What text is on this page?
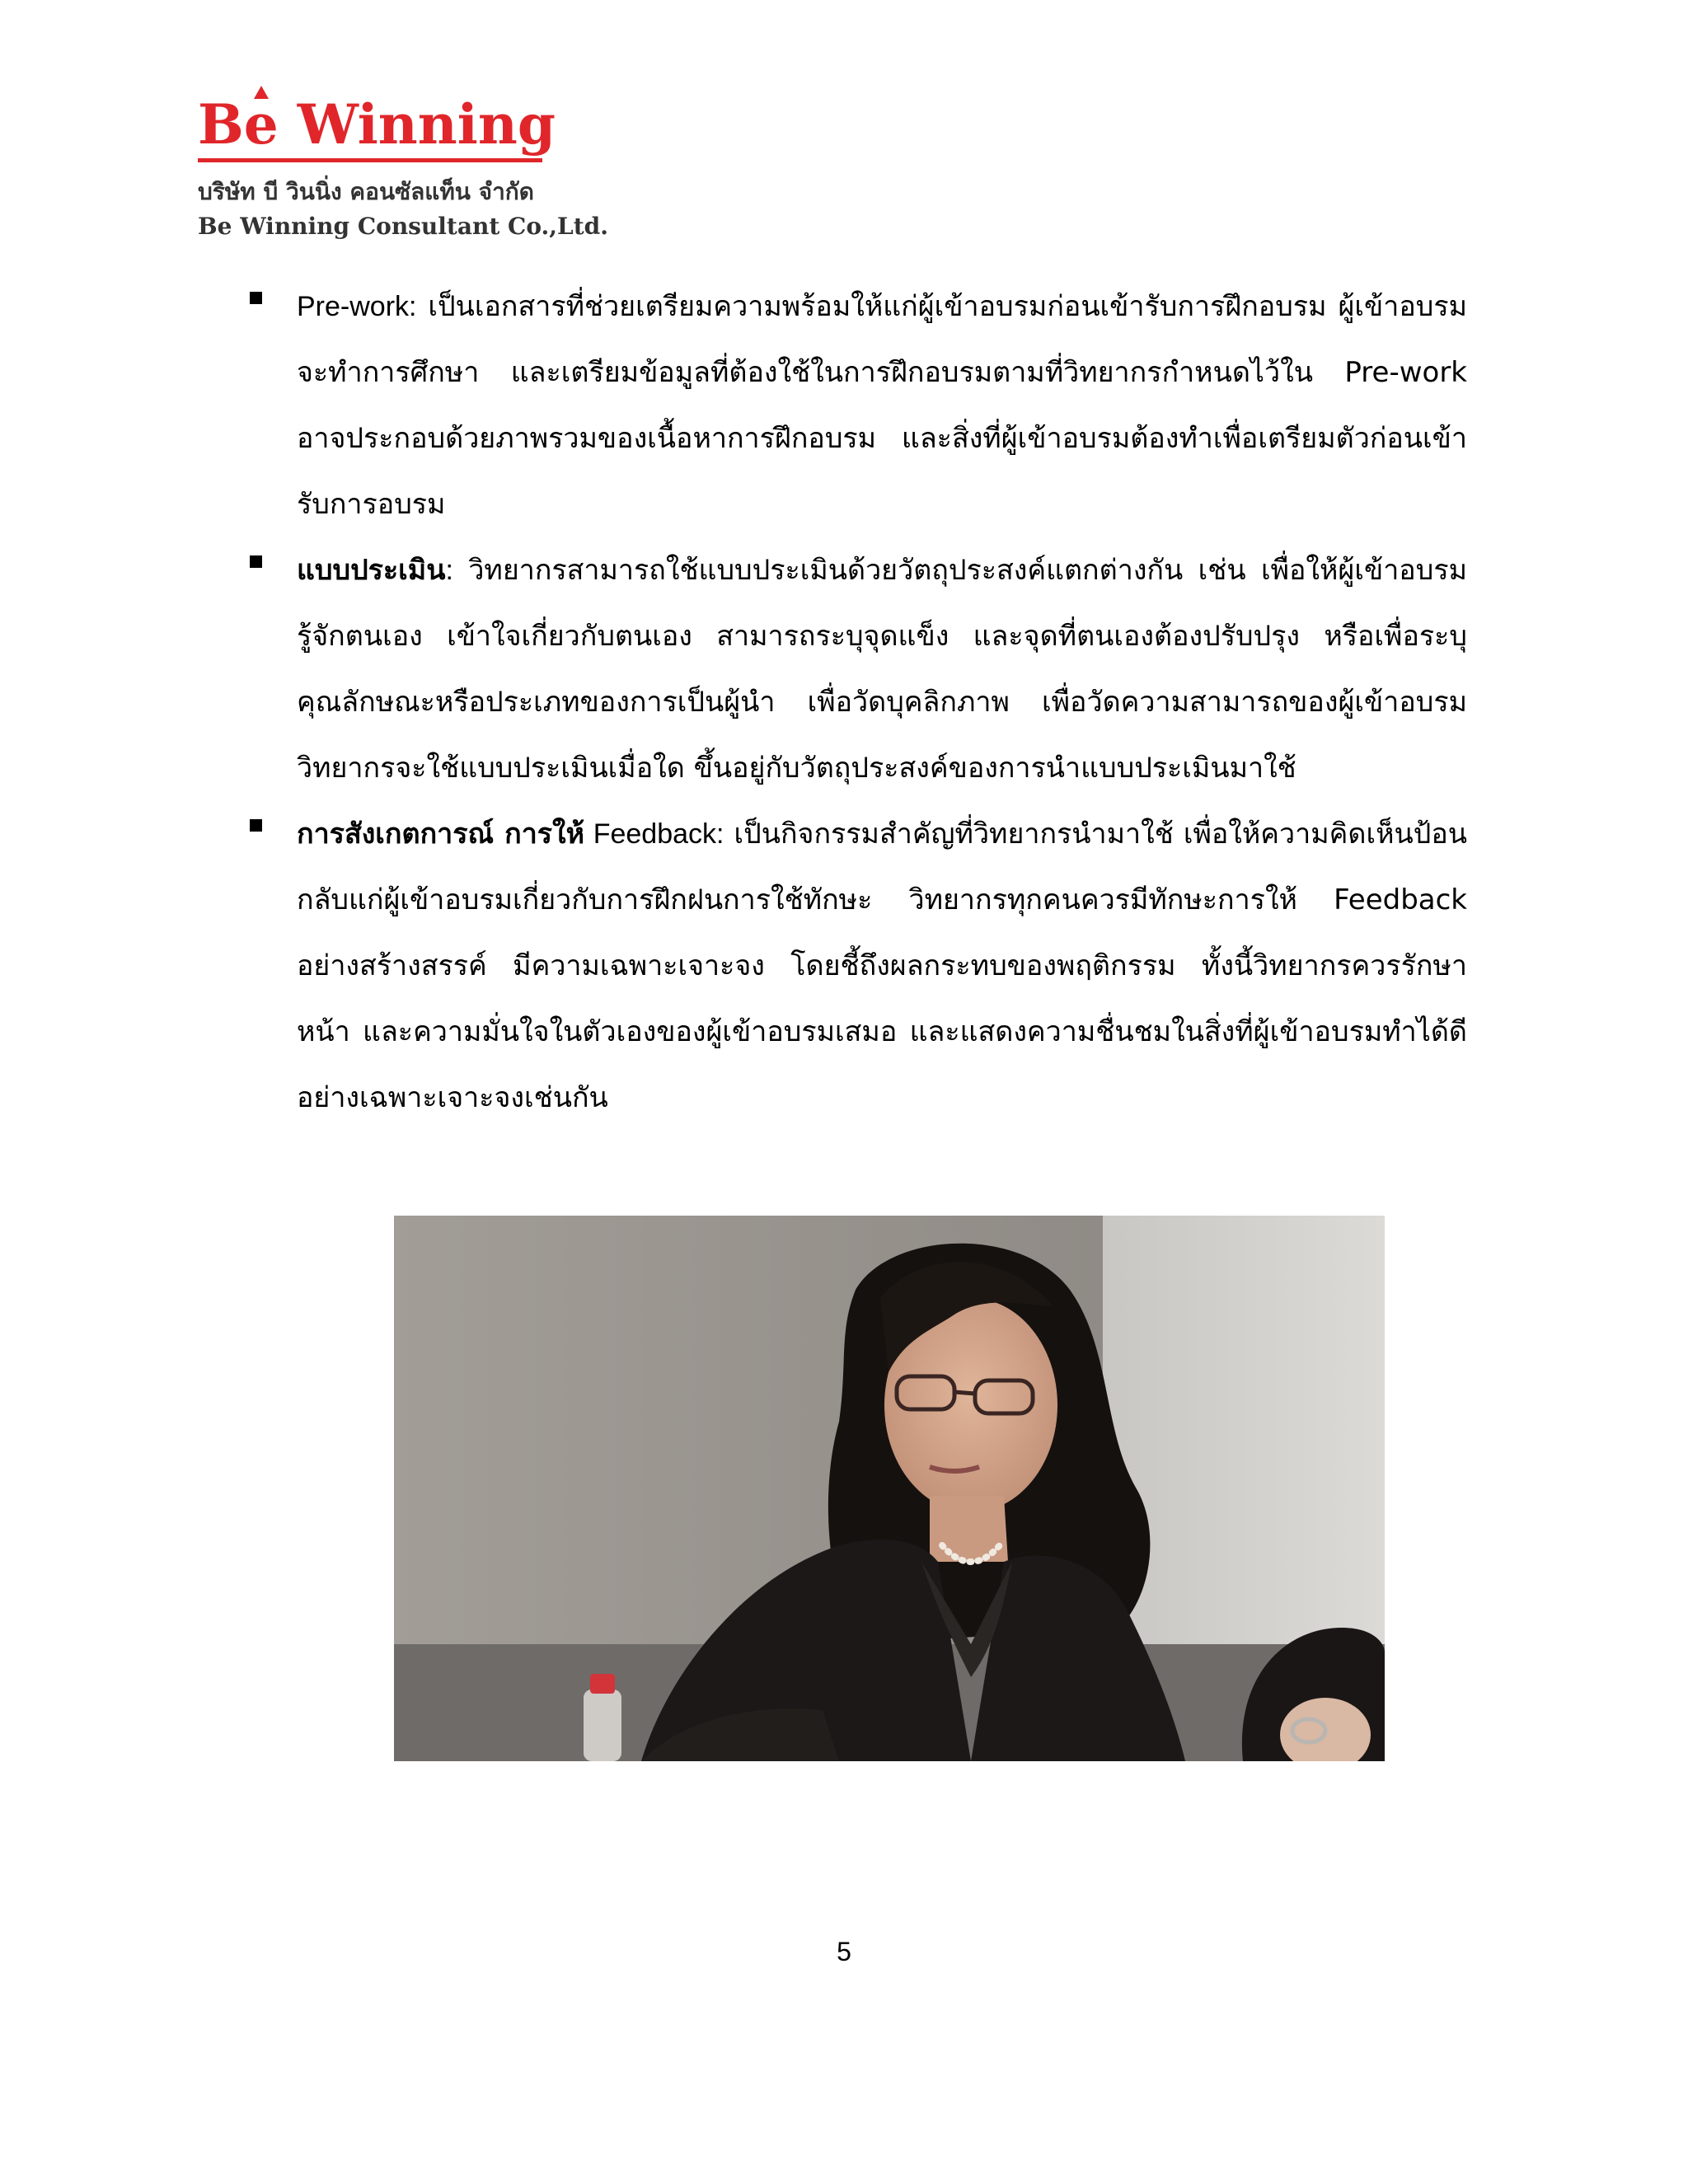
B
e Winning
บริษัท บี วินนิ่ง คอนซัลแท็น จำกัด
Be Winning Consultant Co.,Ltd.

Pre-work: เป็นเอกสารที่ช่วยเตรียมความพร้อมให้แก่ผู้เข้าอบรมก่อนเข้ารับการฝึกอบรม ผู้เข้าอบรมจะทำการศึกษา และเตรียมข้อมูลที่ต้องใช้ในการฝึกอบรมตามที่วิทยากรกำหนดไว้ใน Pre-work อาจประกอบด้วยภาพรวมของเนื้อหาการฝึกอบรม และสิ่งที่ผู้เข้าอบรมต้องทำเพื่อเตรียมตัวก่อนเข้ารับการอบรม

แบบประเมิน: วิทยากรสามารถใช้แบบประเมินด้วยวัตถุประสงค์แตกต่างกัน เช่น เพื่อให้ผู้เข้าอบรมรู้จักตนเอง เข้าใจเกี่ยวกับตนเอง สามารถระบุจุดแข็ง และจุดที่ตนเองต้องปรับปรุง หรือเพื่อระบุคุณลักษณะหรือประเภทของการเป็นผู้นำ เพื่อวัดบุคลิกภาพ เพื่อวัดความสามารถของผู้เข้าอบรม วิทยากรจะใช้แบบประเมินเมื่อใด ขึ้นอยู่กับวัตถุประสงค์ของการนำแบบประเมินมาใช้

การสังเกตการณ์ การให้ Feedback: เป็นกิจกรรมสำคัญที่วิทยากรนำมาใช้ เพื่อให้ความคิดเห็นป้อนกลับแก่ผู้เข้าอบรมเกี่ยวกับการฝึกฝนการใช้ทักษะ วิทยากรทุกคนควรมีทักษะการให้ Feedback อย่างสร้างสรรค์ มีความเฉพาะเจาะจง โดยชี้ถึงผลกระทบของพฤติกรรม ทั้งนี้วิทยากรควรรักษาหน้า และความมั่นใจในตัวเองของผู้เข้าอบรมเสมอ และแสดงความชื่นชมในสิ่งที่ผู้เข้าอบรมทำได้ดีอย่างเฉพาะเจาะจงเช่นกัน

5
